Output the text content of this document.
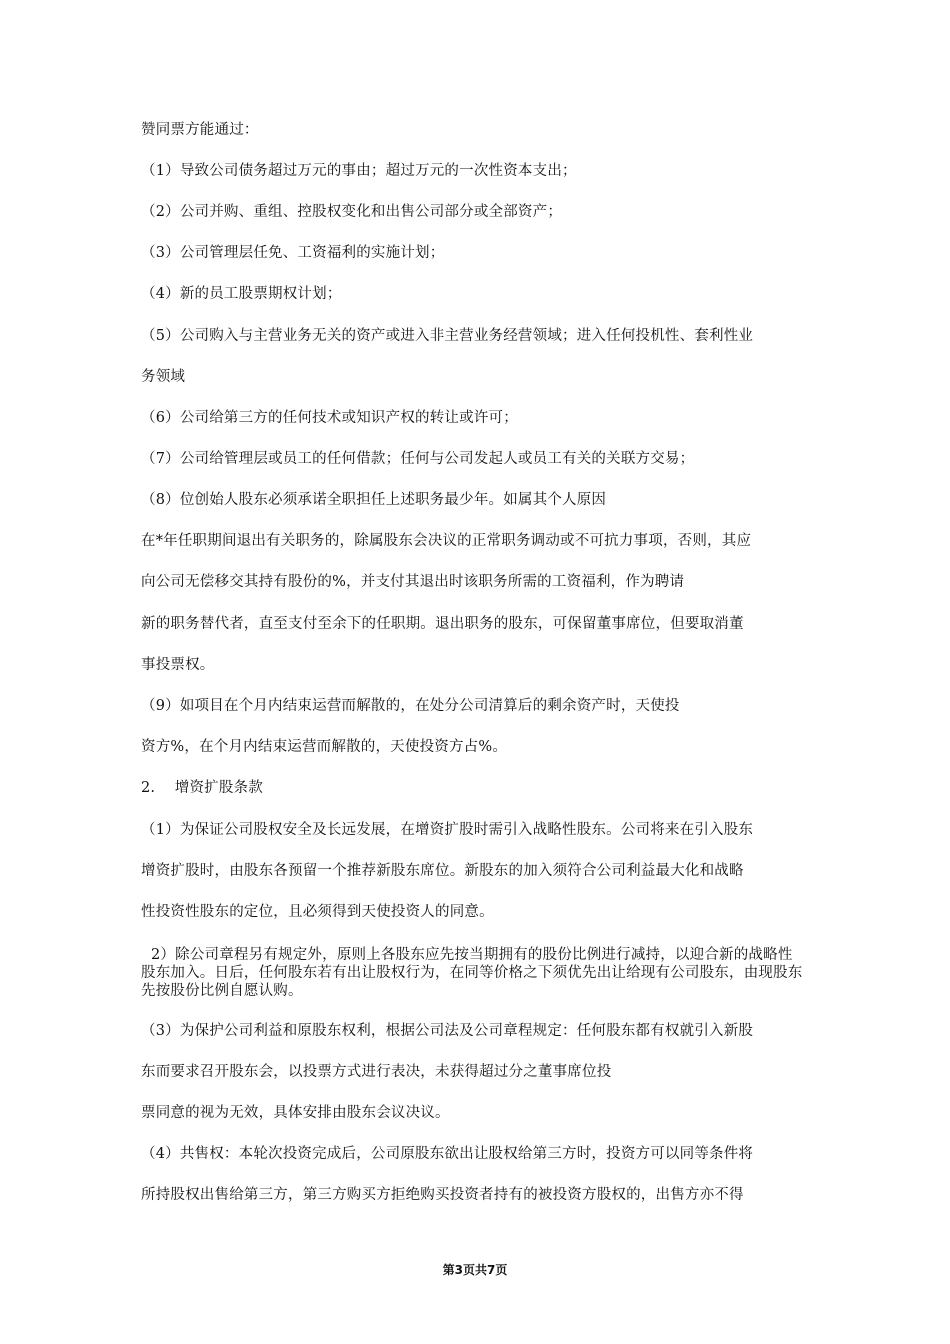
赞同票方能通过：
（1）导致公司债务超过万元的事由；超过万元的一次性资本支出；
（2）公司并购、重组、控股权变化和出售公司部分或全部资产；
（3）公司管理层任免、工资福利的实施计划；
（4）新的员工股票期权计划；
（5）公司购入与主营业务无关的资产或进入非主营业务经营领域；进入任何投机性、套利性业
务领域
（6）公司给第三方的任何技术或知识产权的转让或许可；
（7）公司给管理层或员工的任何借款；任何与公司发起人或员工有关的关联方交易；
（8）位创始人股东必须承诺全职担任上述职务最少年。如属其个人原因
在*年任职期间退出有关职务的，除属股东会决议的正常职务调动或不可抗力事项，否则，其应
向公司无偿移交其持有股份的%，并支付其退出时该职务所需的工资福利，作为聘请
新的职务替代者，直至支付至余下的任职期。退出职务的股东，可保留董事席位，但要取消董
事投票权。
（9）如项目在个月内结束运营而解散的，在处分公司清算后的剩余资产时，天使投
资方%，在个月内结束运营而解散的，天使投资方占%。
2.　 增资扩股条款
（1）为保证公司股权安全及长远发展，在增资扩股时需引入战略性股东。公司将来在引入股东
增资扩股时，由股东各预留一个推荐新股东席位。新股东的加入须符合公司利益最大化和战略
性投资性股东的定位，且必须得到天使投资人的同意。
2）除公司章程另有规定外，原则上各股东应先按当期拥有的股份比例进行减持，以迎合新的战略性股东加入。日后，任何股东若有出让股权行为，在同等价格之下须优先出让给现有公司股东，由现股东先按股份比例自愿认购。
（3）为保护公司利益和原股东权利，根据公司法及公司章程规定：任何股东都有权就引入新股
东而要求召开股东会，以投票方式进行表决，未获得超过分之董事席位投
票同意的视为无效，具体安排由股东会议决议。
（4）共售权：本轮次投资完成后，公司原股东欲出让股权给第三方时，投资方可以同等条件将
所持股权出售给第三方，第三方购买方拒绝购买投资者持有的被投资方股权的，出售方亦不得
第3页共7页
